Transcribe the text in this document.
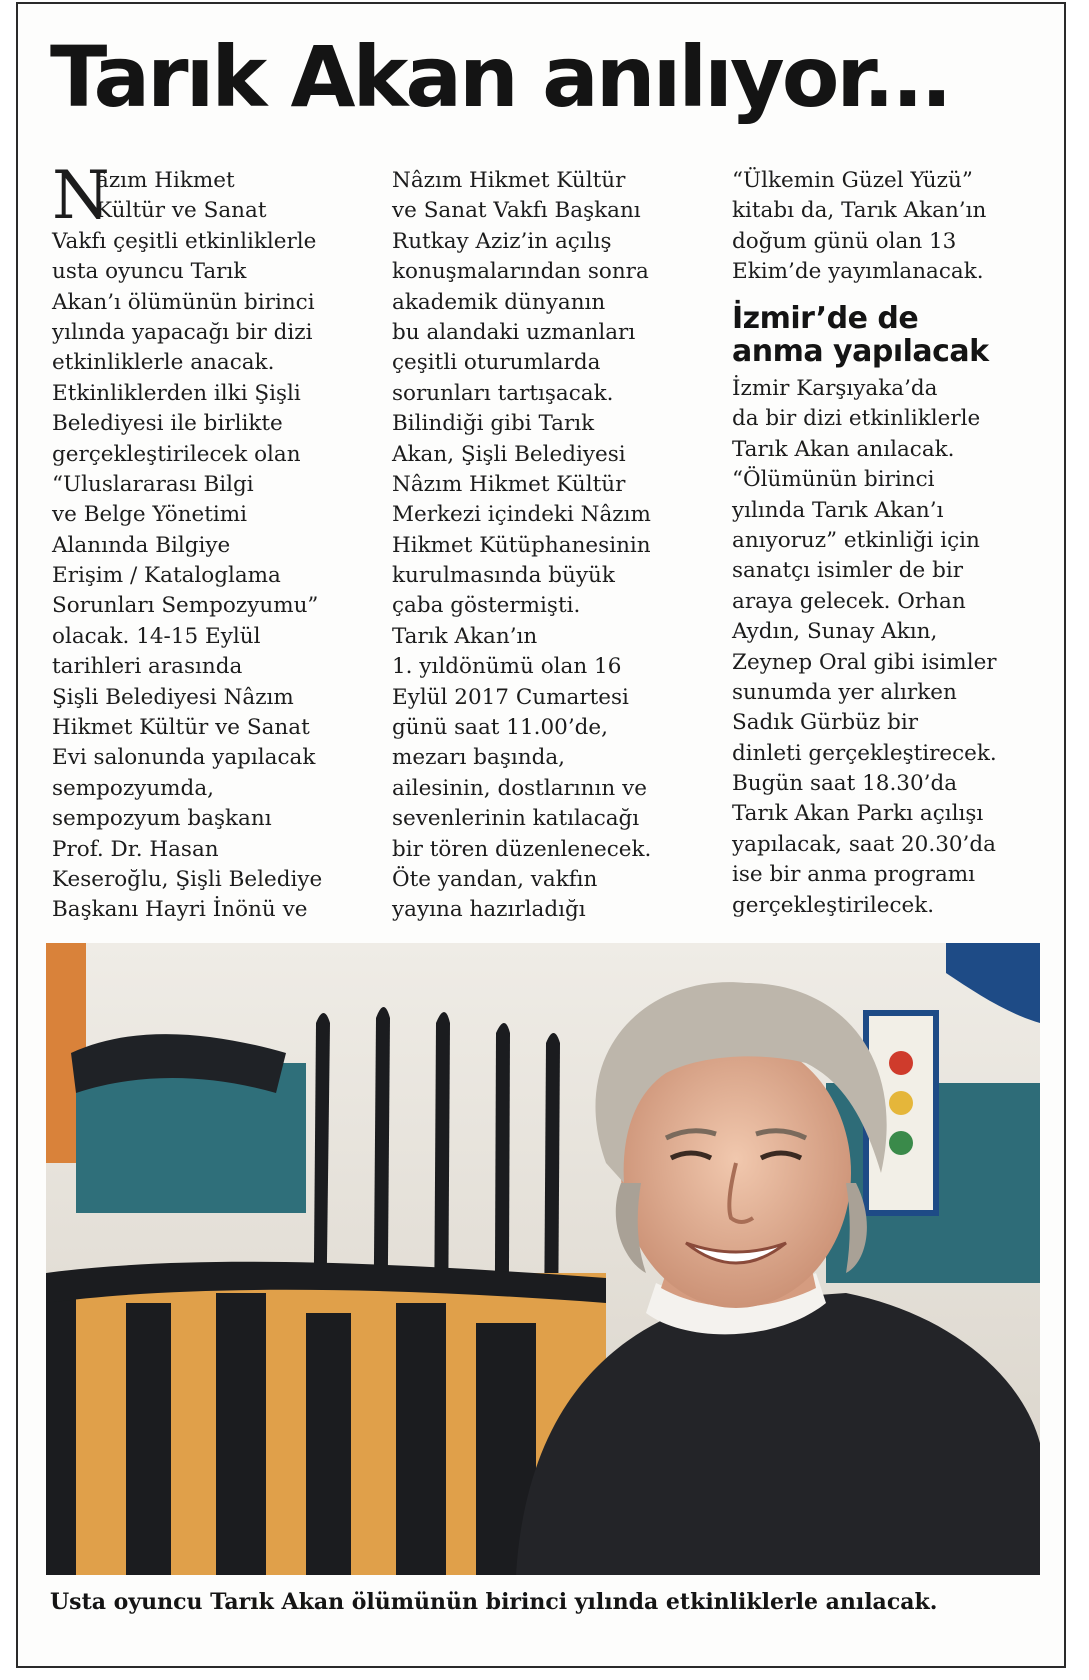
Tarık Akan anılıyor...
N
âzım Hikmet
Kültür ve Sanat
Vakfı çeşitli etkinliklerle
usta oyuncu Tarık
Akan’ı ölümünün birinci
yılında yapacağı bir dizi
etkinliklerle anacak.
Etkinliklerden ilki Şişli
Belediyesi ile birlikte
gerçekleştirilecek olan
“Uluslararası Bilgi
ve Belge Yönetimi
Alanında Bilgiye
Erişim / Kataloglama
Sorunları Sempozyumu”
olacak. 14-15 Eylül
tarihleri arasında
Şişli Belediyesi Nâzım
Hikmet Kültür ve Sanat
Evi salonunda yapılacak
sempozyumda,
sempozyum başkanı
Prof. Dr. Hasan
Keseroğlu, Şişli Belediye
Başkanı Hayri İnönü ve
Nâzım Hikmet Kültür
ve Sanat Vakfı Başkanı
Rutkay Aziz’in açılış
konuşmalarından sonra
akademik dünyanın
bu alandaki uzmanları
çeşitli oturumlarda
sorunları tartışacak.
Bilindiği gibi Tarık
Akan, Şişli Belediyesi
Nâzım Hikmet Kültür
Merkezi içindeki Nâzım
Hikmet Kütüphanesinin
kurulmasında büyük
çaba göstermişti.
Tarık Akan’ın
1. yıldönümü olan 16
Eylül 2017 Cumartesi
günü saat 11.00’de,
mezarı başında,
ailesinin, dostlarının ve
sevenlerinin katılacağı
bir tören düzenlenecek.
Öte yandan, vakfın
yayına hazırladığı
“Ülkemin Güzel Yüzü”
kitabı da, Tarık Akan’ın
doğum günü olan 13
Ekim’de yayımlanacak.
İzmir’de de
anma yapılacak
İzmir Karşıyaka’da
da bir dizi etkinliklerle
Tarık Akan anılacak.
“Ölümünün birinci
yılında Tarık Akan’ı
anıyoruz” etkinliği için
sanatçı isimler de bir
araya gelecek. Orhan
Aydın, Sunay Akın,
Zeynep Oral gibi isimler
sunumda yer alırken
Sadık Gürbüz bir
dinleti gerçekleştirecek.
Bugün saat 18.30’da
Tarık Akan Parkı açılışı
yapılacak, saat 20.30’da
ise bir anma programı
gerçekleştirilecek.
Usta oyuncu Tarık Akan ölümünün birinci yılında etkinliklerle anılacak.
